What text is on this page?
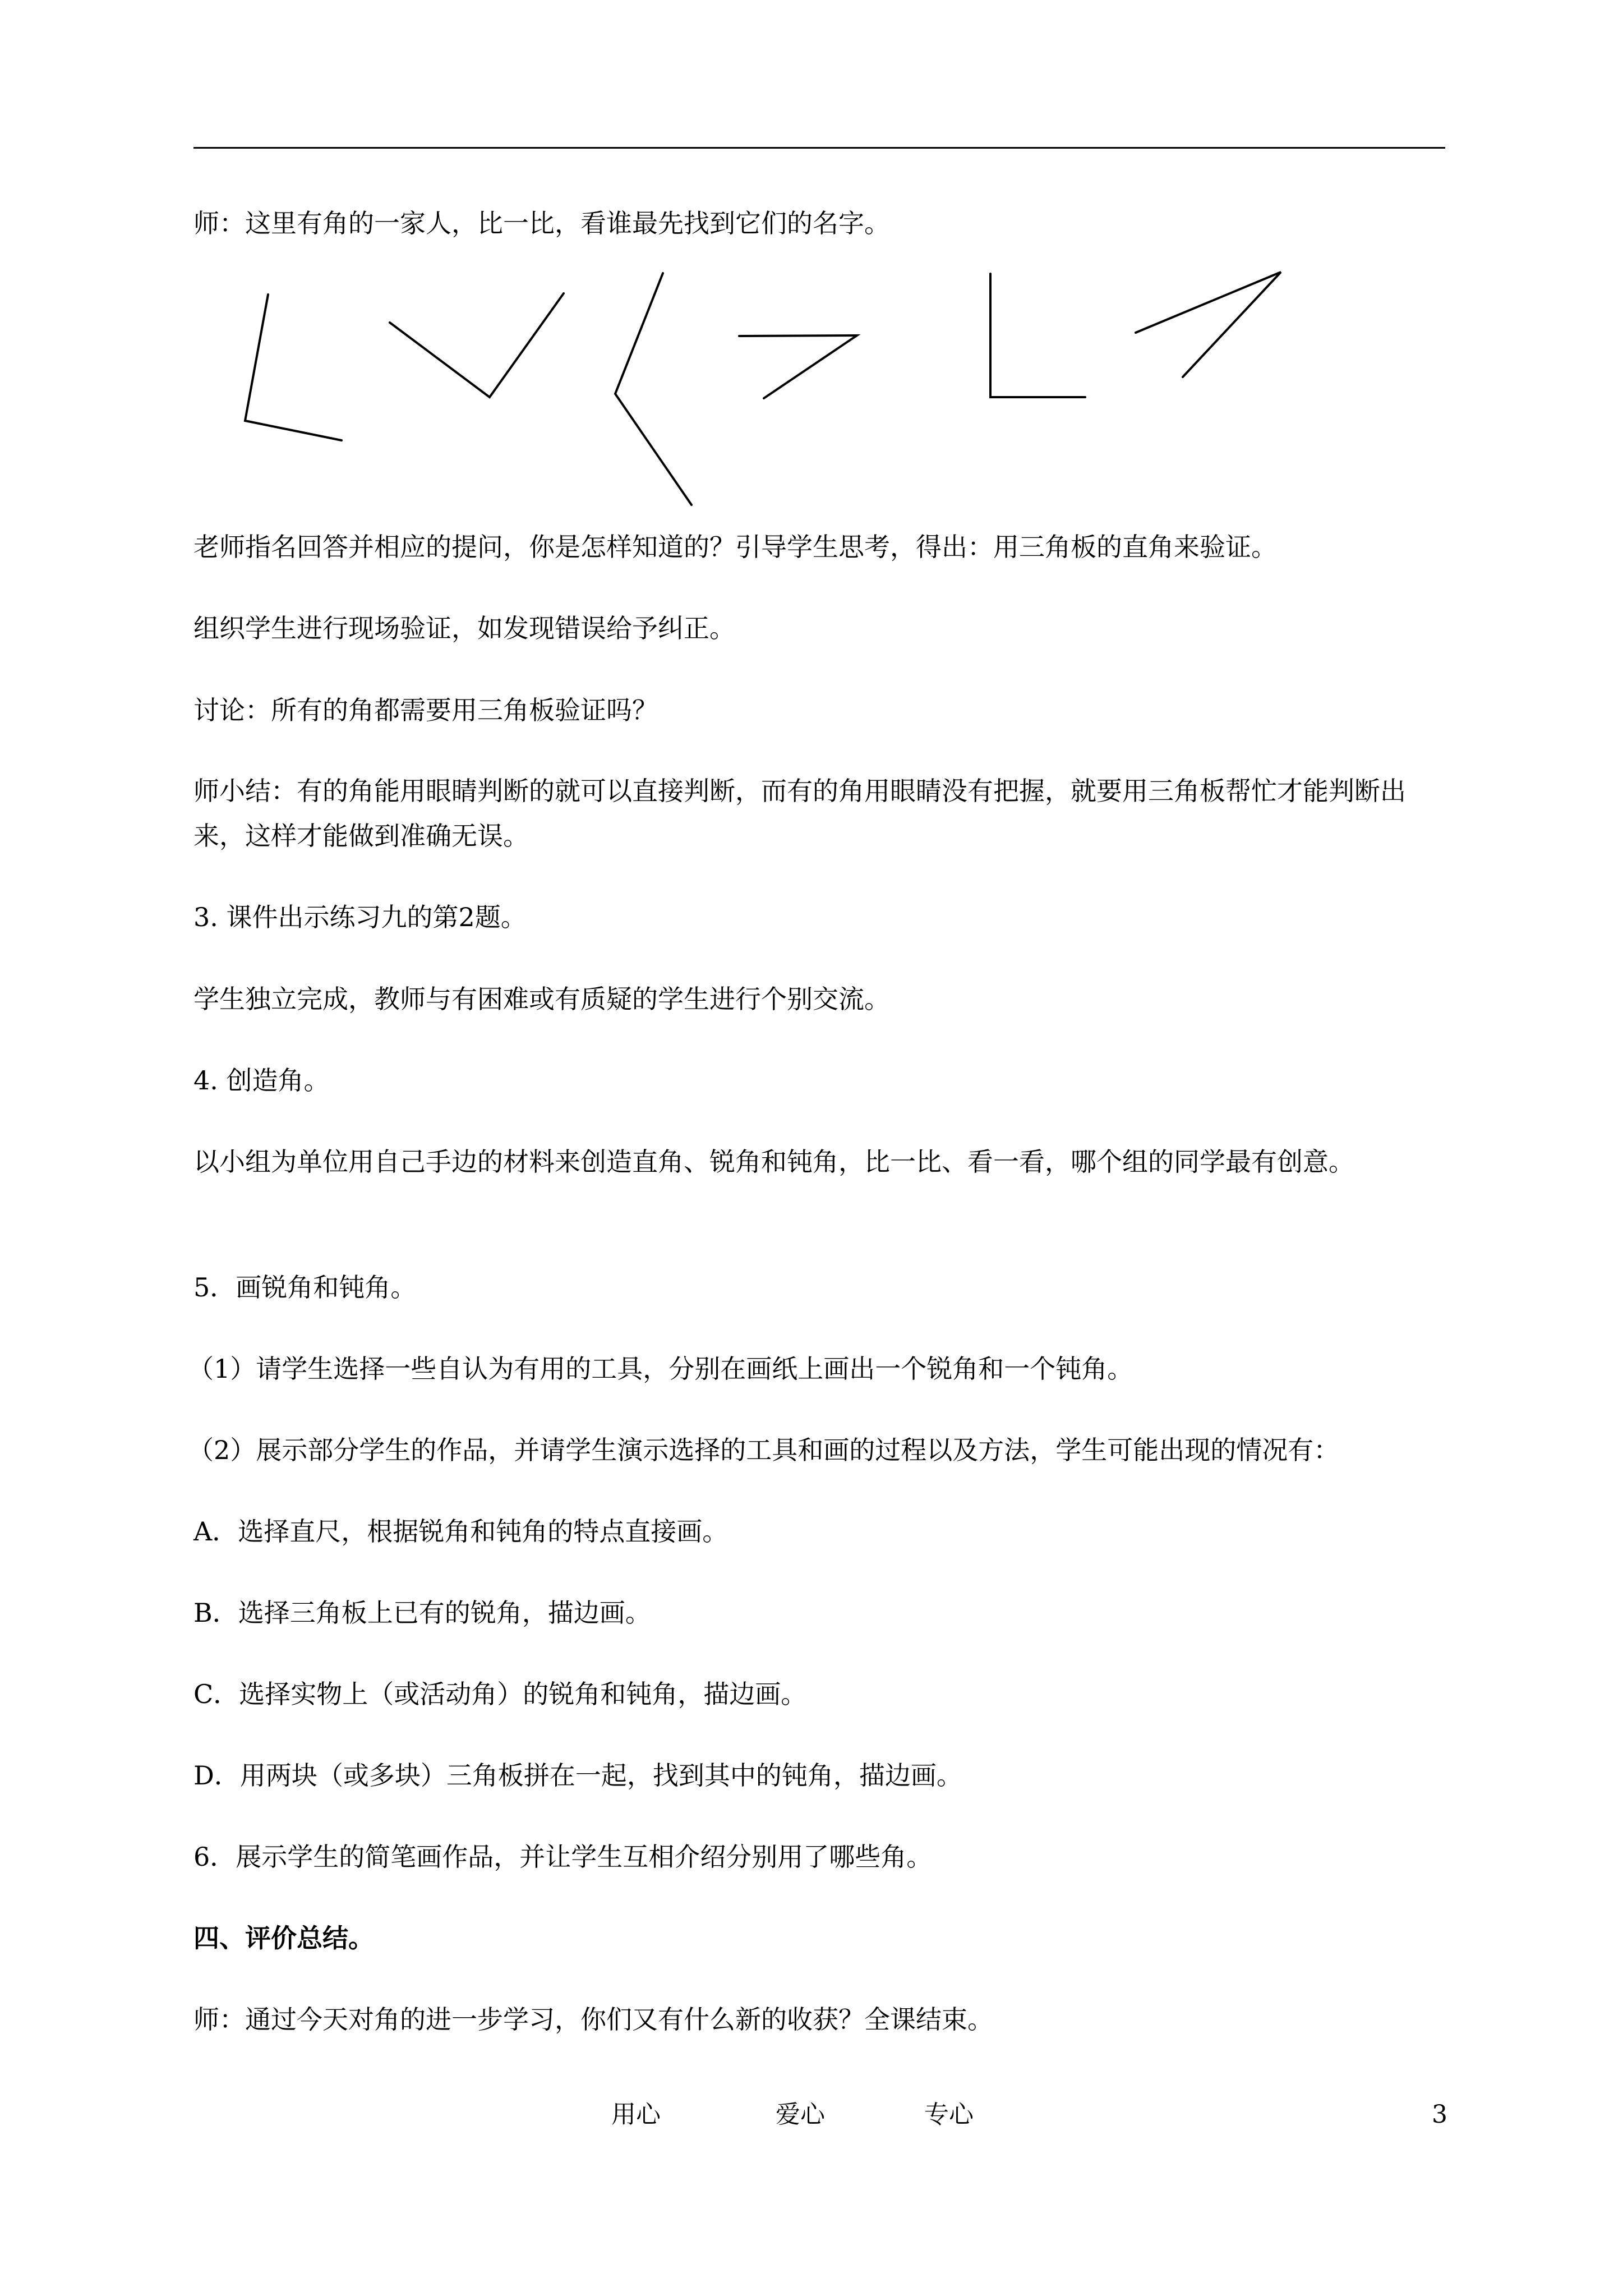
师：这里有角的一家人，比一比，看谁最先找到它们的名字。

老师指名回答并相应的提问，你是怎样知道的？引导学生思考，得出：用三角板的直角来验证。

组织学生进行现场验证，如发现错误给予纠正。

讨论：所有的角都需要用三角板验证吗？

师小结：有的角能用眼睛判断的就可以直接判断，而有的角用眼睛没有把握，就要用三角板帮忙才能判断出来，这样才能做到准确无误。

3. 课件出示练习九的第2题。

学生独立完成，教师与有困难或有质疑的学生进行个别交流。

4. 创造角。

以小组为单位用自己手边的材料来创造直角、锐角和钝角，比一比、看一看，哪个组的同学最有创意。

5．画锐角和钝角。

（1）请学生选择一些自认为有用的工具，分别在画纸上画出一个锐角和一个钝角。

（2）展示部分学生的作品，并请学生演示选择的工具和画的过程以及方法，学生可能出现的情况有：

A．选择直尺，根据锐角和钝角的特点直接画。

B．选择三角板上已有的锐角，描边画。

C．选择实物上（或活动角）的锐角和钝角，描边画。

D．用两块（或多块）三角板拼在一起，找到其中的钝角，描边画。

6．展示学生的简笔画作品，并让学生互相介绍分别用了哪些角。

四、评价总结。

师：通过今天对角的进一步学习，你们又有什么新的收获？全课结束。

用心	爱心	专心	3
